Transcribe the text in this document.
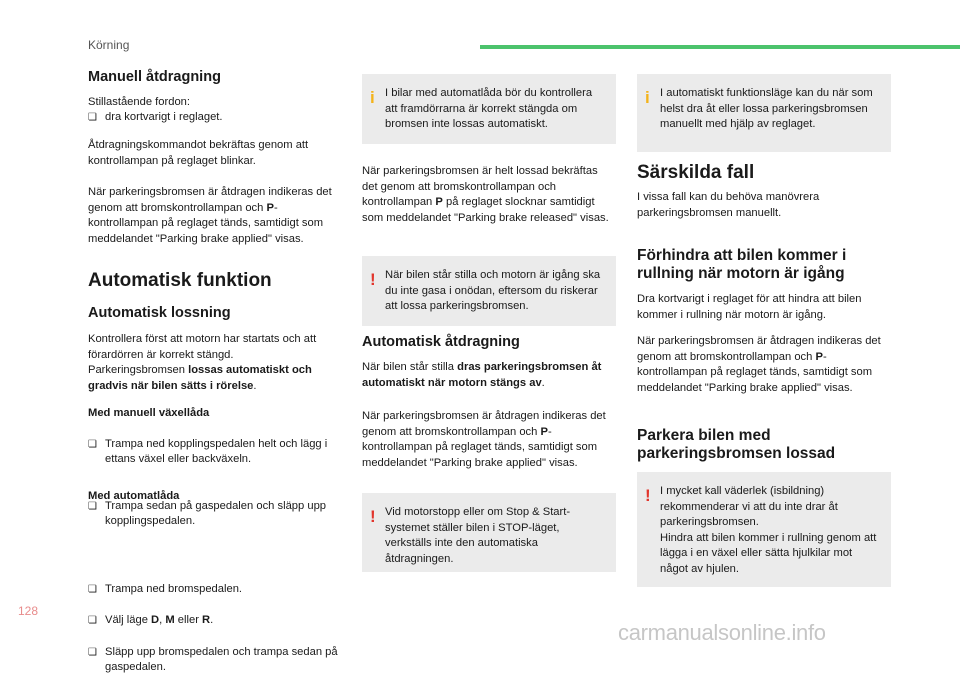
Körning
Manuell åtdragning
Stillastående fordon:
❏ dra kortvarigt i reglaget.
Åtdragningskommandot bekräftas genom att kontrollampan på reglaget blinkar.
När parkeringsbromsen är åtdragen indikeras det genom att bromskontrollampan och P-kontrollampan på reglaget tänds, samtidigt som meddelandet "Parking brake applied" visas.
Automatisk funktion
Automatisk lossning
Kontrollera först att motorn har startats och att förardörren är korrekt stängd.
Parkeringsbromsen lossas automatiskt och gradvis när bilen sätts i rörelse.
Med manuell växellåda
❏ Trampa ned kopplingspedalen helt och lägg i ettans växel eller backväxeln.
❏ Trampa sedan på gaspedalen och släpp upp kopplingspedalen.
Med automatlåda
❏ Trampa ned bromspedalen.
❏ Välj läge D, M eller R.
❏ Släpp upp bromspedalen och trampa sedan på gaspedalen.
i I bilar med automatlåda bör du kontrollera att framdörrarna är korrekt stängda om bromsen inte lossas automatiskt.
När parkeringsbromsen är helt lossad bekräftas det genom att bromskontrollampan och kontrollampan P på reglaget slocknar samtidigt som meddelandet "Parking brake released" visas.
! När bilen står stilla och motorn är igång ska du inte gasa i onödan, eftersom du riskerar att lossa parkeringsbromsen.
Automatisk åtdragning
När bilen står stilla dras parkeringsbromsen åt automatiskt när motorn stängs av.
När parkeringsbromsen är åtdragen indikeras det genom att bromskontrollampan och P-kontrollampan på reglaget tänds, samtidigt som meddelandet "Parking brake applied" visas.
! Vid motorstopp eller om Stop & Start-systemet ställer bilen i STOP-läget, verkställs inte den automatiska åtdragningen.
i I automatiskt funktionsläge kan du när som helst dra åt eller lossa parkeringsbromsen manuellt med hjälp av reglaget.
Särskilda fall
I vissa fall kan du behöva manövrera parkeringsbromsen manuellt.
Förhindra att bilen kommer i rullning när motorn är igång
Dra kortvarigt i reglaget för att hindra att bilen kommer i rullning när motorn är igång.
När parkeringsbromsen är åtdragen indikeras det genom att bromskontrollampan och P-kontrollampan på reglaget tänds, samtidigt som meddelandet "Parking brake applied" visas.
Parkera bilen med parkeringsbromsen lossad
! I mycket kall väderlek (isbildning) rekommenderar vi att du inte drar åt parkeringsbromsen.
Hindra att bilen kommer i rullning genom att lägga i en växel eller sätta hjulkilar mot något av hjulen.
128
carmanualsonline.info
